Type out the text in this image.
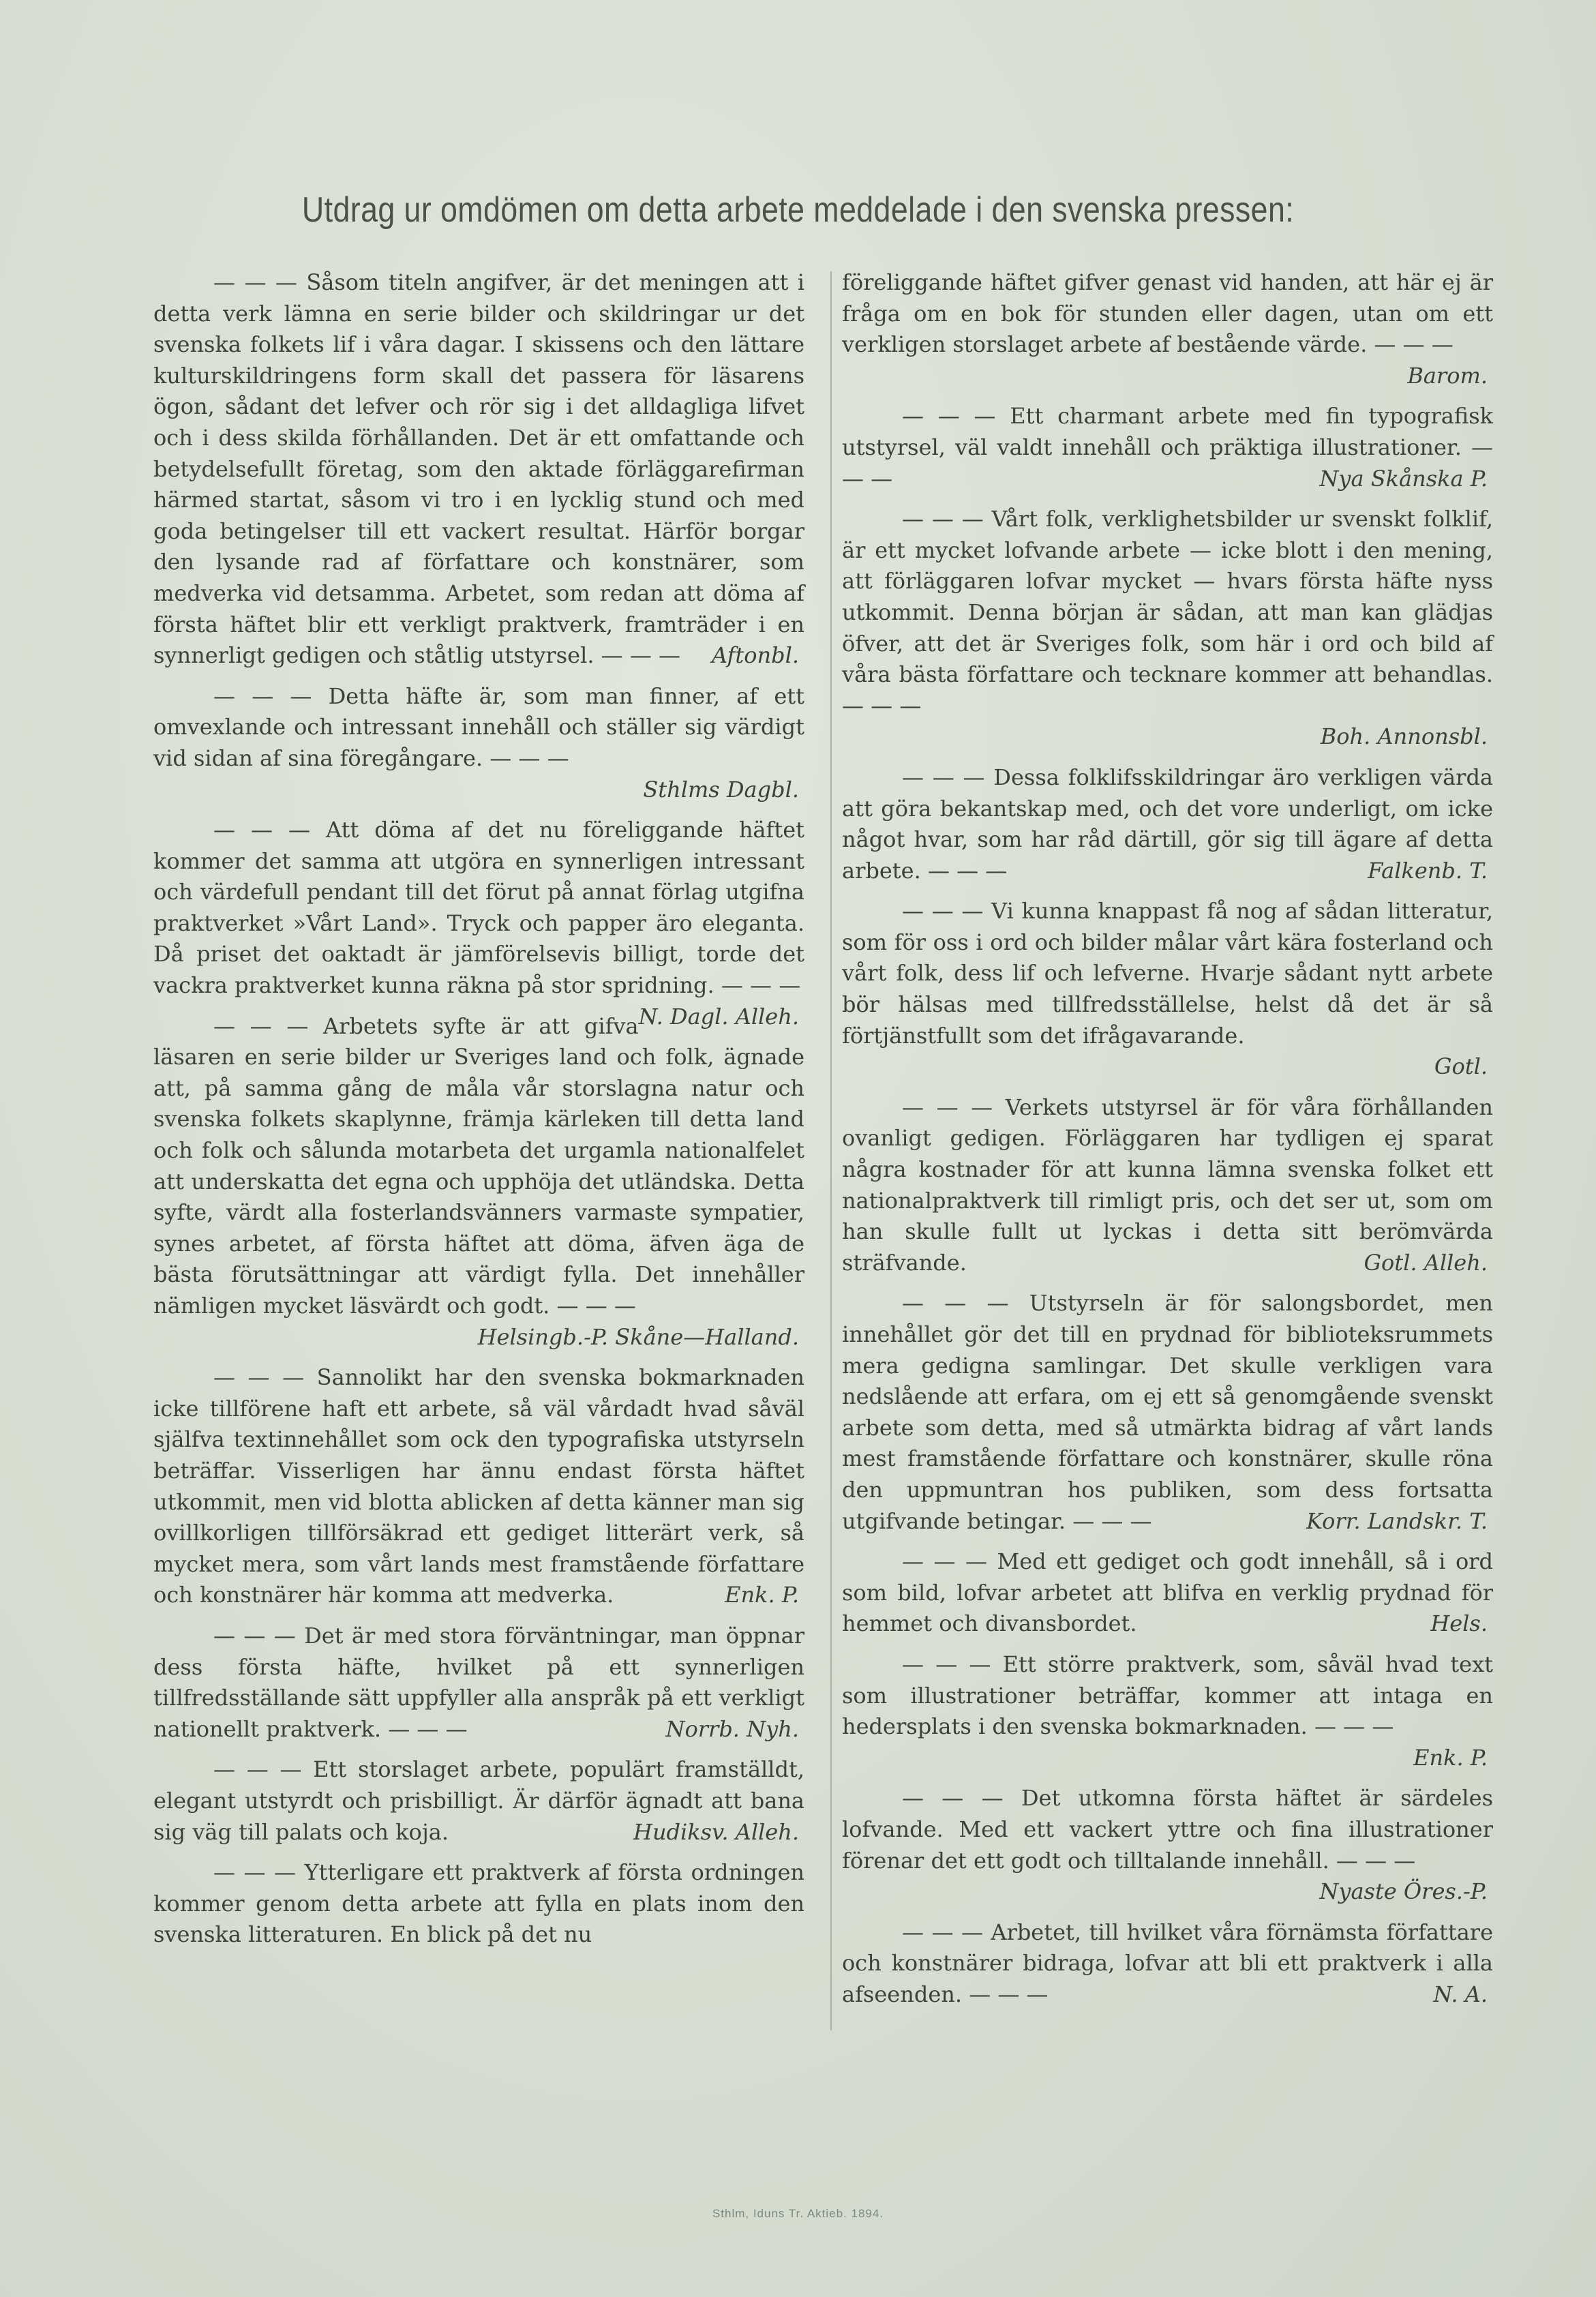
Utdrag ur omdömen om detta arbete meddelade i den svenska pressen:

— — — Såsom titeln angifver, är det meningen att i detta verk lämna en serie bilder och skildringar ur det svenska folkets lif i våra dagar. I skissens och den lättare kulturskildringens form skall det passera för läsarens ögon, sådant det lefver och rör sig i det alldagliga lifvet och i dess skilda förhållanden. Det är ett omfattande och betydelsefullt företag, som den aktade förläggarefirman härmed startat, såsom vi tro i en lycklig stund och med goda betingelser till ett vackert resultat. Härför borgar den lysande rad af författare och konstnärer, som medverka vid detsamma. Arbetet, som redan att döma af första häftet blir ett verkligt praktverk, framträder i en synnerligt gedigen och ståtlig utstyrsel. — — — Aftonbl.

— — — Detta häfte är, som man finner, af ett omvexlande och intressant innehåll och ställer sig värdigt vid sidan af sina föregångare. — — —

Sthlms Dagbl.

— — — Att döma af det nu föreliggande häftet kommer det samma att utgöra en synnerligen intressant och värdefull pendant till det förut på annat förlag utgifna praktverket »Vårt Land». Tryck och papper äro eleganta. Då priset det oaktadt är jämförelsevis billigt, torde det vackra praktverket kunna räkna på stor spridning. — — —
N. Dagl. Alleh.

— — — Arbetets syfte är att gifva läsaren en serie bilder ur Sveriges land och folk, ägnade att, på samma gång de måla vår storslagna natur och svenska folkets skaplynne, främja kärleken till detta land och folk och sålunda motarbeta det urgamla nationalfelet att underskatta det egna och upphöja det utländska. Detta syfte, värdt alla fosterlandsvänners varmaste sympatier, synes arbetet, af första häftet att döma, äfven äga de bästa förutsättningar att värdigt fylla. Det innehåller nämligen mycket läsvärdt och godt. — — —

Helsingb.-P. Skåne—Halland.

— — — Sannolikt har den svenska bokmarknaden icke tillförene haft ett arbete, så väl vårdadt hvad såväl själfva textinnehållet som ock den typografiska utstyrseln beträffar. Visserligen har ännu endast första häftet utkommit, men vid blotta ablicken af detta känner man sig ovillkorligen tillförsäkrad ett gediget litterärt verk, så mycket mera, som vårt lands mest framstående författare och konstnärer här komma att medverka.	Enk. P.

— — — Det är med stora förväntningar, man öppnar dess första häfte, hvilket på ett synnerligen tillfredsställande sätt uppfyller alla anspråk på ett verkligt nationellt praktverk. — — —	Norrb. Nyh.

— — — Ett storslaget arbete, populärt framställdt, elegant utstyrdt och prisbilligt. Är därför ägnadt att bana sig väg till palats och koja.	Hudiksv. Alleh.

— — — Ytterligare ett praktverk af första ordningen kommer genom detta arbete att fylla en plats inom den svenska litteraturen. En blick på det nu

föreliggande häftet gifver genast vid handen, att här ej är fråga om en bok för stunden eller dagen, utan om ett verkligen storslaget arbete af bestående värde. — — —

Barom.

— — — Ett charmant arbete med fin typografisk utstyrsel, väl valdt innehåll och präktiga illustrationer. — — —	Nya Skånska P.

— — — Vårt folk, verklighetsbilder ur svenskt folklif, är ett mycket lofvande arbete — icke blott i den mening, att förläggaren lofvar mycket — hvars första häfte nyss utkommit. Denna början är sådan, att man kan glädjas öfver, att det är Sveriges folk, som här i ord och bild af våra bästa författare och tecknare kommer att behandlas. — — —

Boh. Annonsbl.

— — — Dessa folklifsskildringar äro verkligen värda att göra bekantskap med, och det vore underligt, om icke något hvar, som har råd därtill, gör sig till ägare af detta arbete. — — —	Falkenb. T.

— — — Vi kunna knappast få nog af sådan litteratur, som för oss i ord och bilder målar vårt kära fosterland och vårt folk, dess lif och lefverne. Hvarje sådant nytt arbete bör hälsas med tillfredsställelse, helst då det är så förtjänstfullt som det ifrågavarande.

Gotl.

— — — Verkets utstyrsel är för våra förhållanden ovanligt gedigen. Förläggaren har tydligen ej sparat några kostnader för att kunna lämna svenska folket ett nationalpraktverk till rimligt pris, och det ser ut, som om han skulle fullt ut lyckas i detta sitt berömvärda sträfvande.	Gotl. Alleh.

— — — Utstyrseln är för salongsbordet, men innehållet gör det till en prydnad för biblioteksrummets mera gedigna samlingar. Det skulle verkligen vara nedslående att erfara, om ej ett så genomgående svenskt arbete som detta, med så utmärkta bidrag af vårt lands mest framstående författare och konstnärer, skulle röna den uppmuntran hos publiken, som dess fortsatta utgifvande betingar. — — —	Korr. Landskr. T.

— — — Med ett gediget och godt innehåll, så i ord som bild, lofvar arbetet att blifva en verklig prydnad för hemmet och divansbordet.	Hels.

— — — Ett större praktverk, som, såväl hvad text som illustrationer beträffar, kommer att intaga en hedersplats i den svenska bokmarknaden. — — —

Enk. P.

— — — Det utkomna första häftet är särdeles lofvande. Med ett vackert yttre och fina illustrationer förenar det ett godt och tilltalande innehåll. — — —

Nyaste Öres.-P.

— — — Arbetet, till hvilket våra förnämsta författare och konstnärer bidraga, lofvar att bli ett praktverk i alla afseenden. — — —	N. A.

Sthlm, Iduns Tr. Aktieb. 1894.
